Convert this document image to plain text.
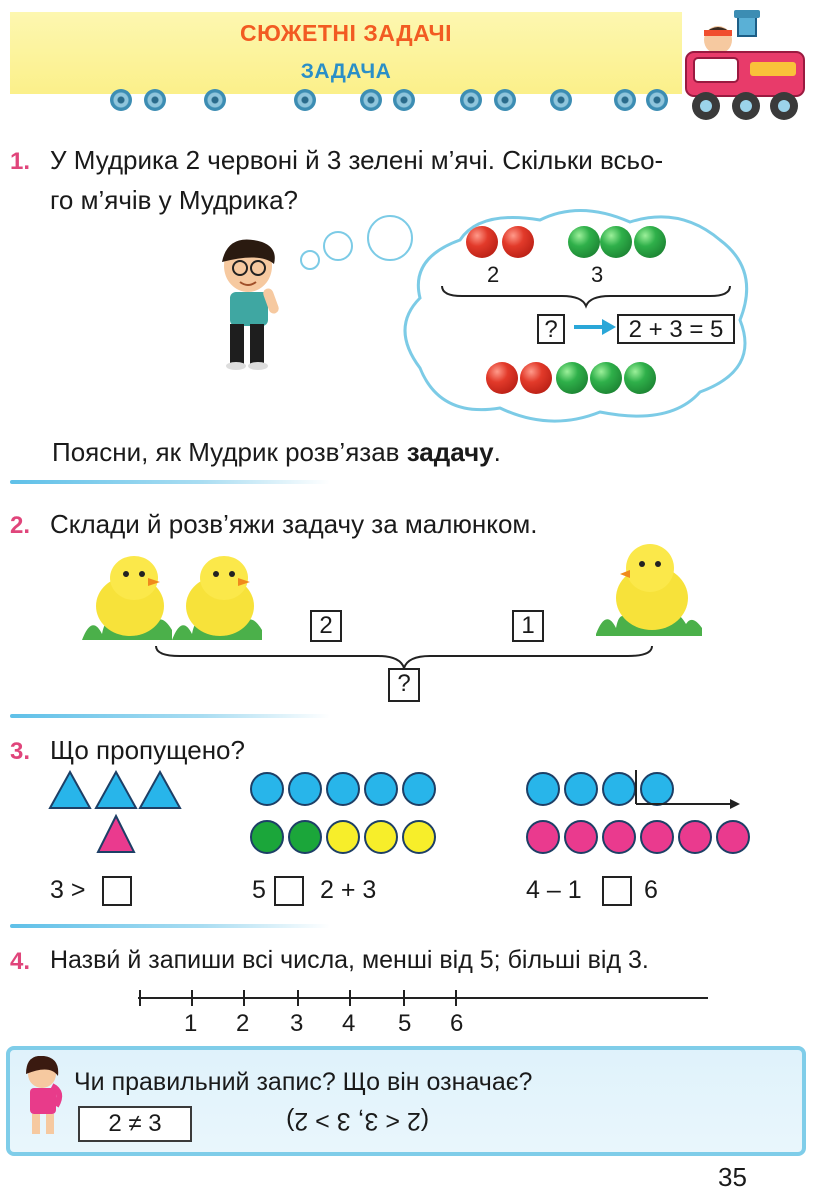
СЮЖЕТНІ ЗАДАЧІ
ЗАДАЧА
1. У Мудрика 2 червоні й 3 зелені м’ячі. Скільки всьо-
го м’ячів у Мудрика?
2	3
?	2 + 3 = 5
Поясни, як Мудрик розв’язав задачу.
2. Склади й розв’яжи задачу за малюнком.
2	1
?
3. Що пропущено?
3 >	5 2 + 3	4 – 1 6
4. Назви́ й запиши всі числа, менші від 5; більші від 3.
1 2 3 4 5 6
Чи правильний запис? Що він означає?
2 ≠ 3	(2 < 3, 3 > 2)
35
